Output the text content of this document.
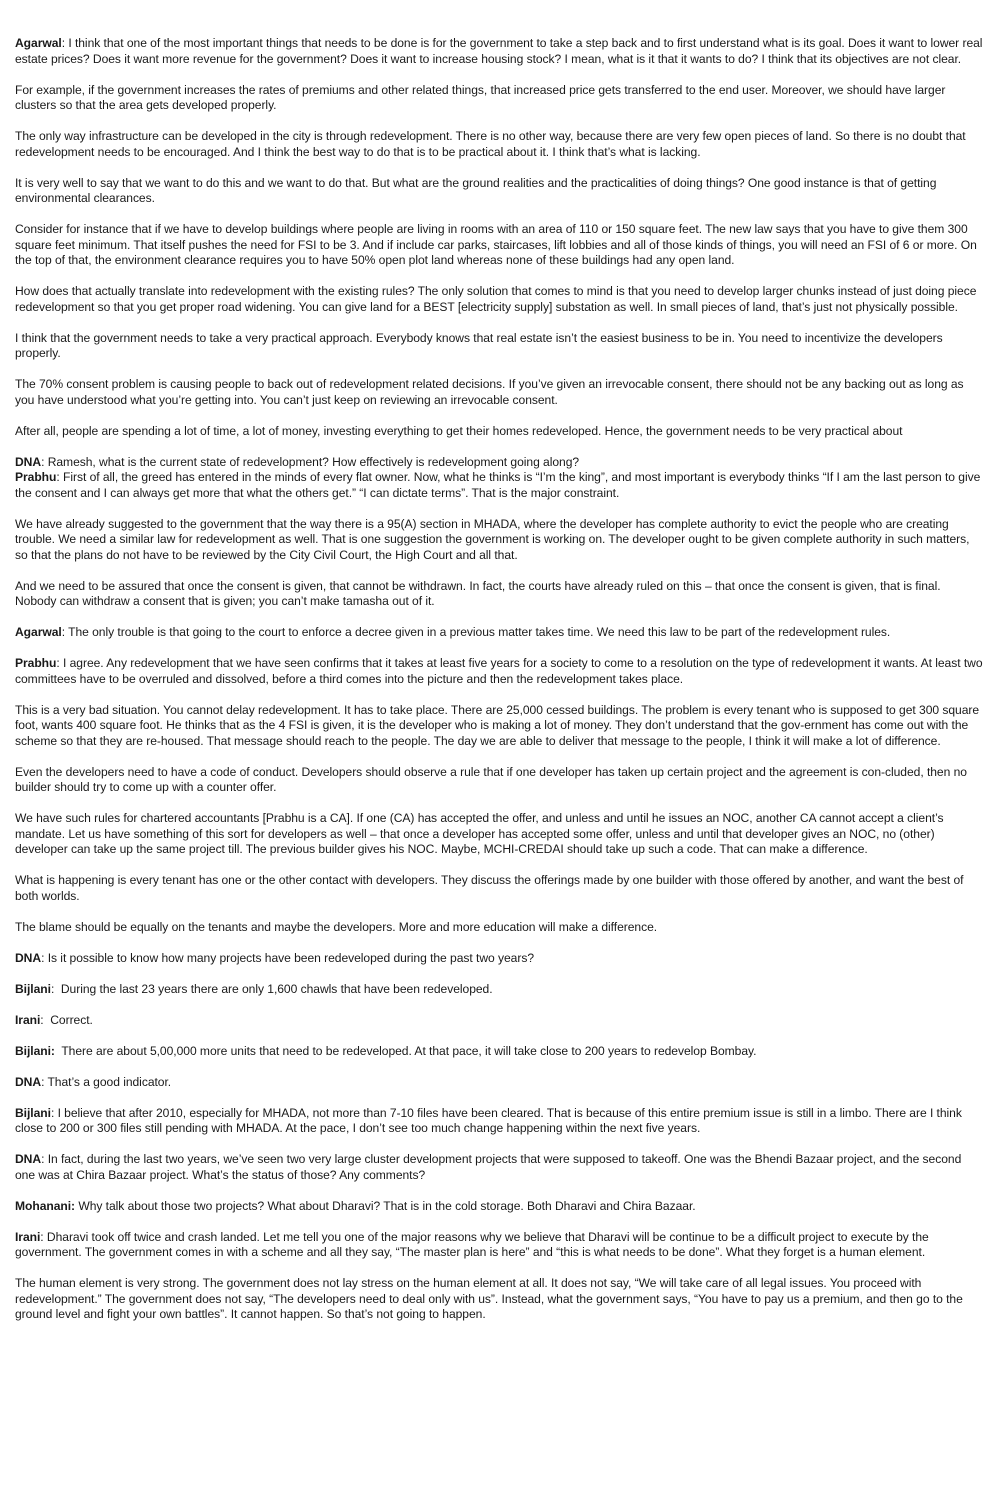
Agarwal: I think that one of the most important things that needs to be done is for the government to take a step back and to first understand what is its goal. Does it want to lower real estate prices? Does it want more revenue for the government? Does it want to increase housing stock? I mean, what is it that it wants to do? I think that its objectives are not clear.

For example, if the government increases the rates of premiums and other related things, that increased price gets transferred to the end user. Moreover, we should have larger clusters so that the area gets developed properly.

The only way infrastructure can be developed in the city is through redevelopment. There is no other way, because there are very few open pieces of land. So there is no doubt that redevelopment needs to be encouraged. And I think the best way to do that is to be practical about it. I think that’s what is lacking.

It is very well to say that we want to do this and we want to do that. But what are the ground realities and the practicalities of doing things? One good instance is that of getting environmental clearances.

Consider for instance that if we have to develop buildings where people are living in rooms with an area of 110 or 150 square feet. The new law says that you have to give them 300 square feet minimum. That itself pushes the need for FSI to be 3. And if include car parks, staircases, lift lobbies and all of those kinds of things, you will need an FSI of 6 or more. On the top of that, the environment clearance requires you to have 50% open plot land whereas none of these buildings had any open land.

How does that actually translate into redevelopment with the existing rules? The only solution that comes to mind is that you need to develop larger chunks instead of just doing piece redevelopment so that you get proper road widening. You can give land for a BEST [electricity supply] substation as well. In small pieces of land, that’s just not physically possible.

I think that the government needs to take a very practical approach. Everybody knows that real estate isn’t the easiest business to be in. You need to incentivize the developers properly.

The 70% consent problem is causing people to back out of redevelopment related decisions. If you’ve given an irrevocable consent, there should not be any backing out as long as you have understood what you’re getting into. You can’t just keep on reviewing an irrevocable consent.

After all, people are spending a lot of time, a lot of money, investing everything to get their homes redeveloped. Hence, the government needs to be very practical about

DNA: Ramesh, what is the current state of redevelopment? How effectively is redevelopment going along?

Prabhu: First of all, the greed has entered in the minds of every flat owner. Now, what he thinks is “I’m the king”, and most important is everybody thinks “If I am the last person to give the consent and I can always get more that what the others get.” “I can dictate terms”. That is the major constraint.

We have already suggested to the government that the way there is a 95(A) section in MHADA, where the developer has complete authority to evict the people who are creating trouble. We need a similar law for redevelopment as well. That is one suggestion the government is working on. The developer ought to be given complete authority in such matters, so that the plans do not have to be reviewed by the City Civil Court, the High Court and all that.

And we need to be assured that once the consent is given, that cannot be withdrawn. In fact, the courts have already ruled on this – that once the consent is given, that is final. Nobody can withdraw a consent that is given; you can’t make tamasha out of it.

Agarwal: The only trouble is that going to the court to enforce a decree given in a previous matter takes time. We need this law to be part of the redevelopment rules.

Prabhu: I agree. Any redevelopment that we have seen confirms that it takes at least five years for a society to come to a resolution on the type of redevelopment it wants. At least two committees have to be overruled and dissolved, before a third comes into the picture and then the redevelopment takes place.

This is a very bad situation. You cannot delay redevelopment. It has to take place. There are 25,000 cessed buildings. The problem is every tenant who is supposed to get 300 square foot, wants 400 square foot. He thinks that as the 4 FSI is given, it is the developer who is making a lot of money. They don’t understand that the gov-ernment has come out with the scheme so that they are re-housed. That message should reach to the people. The day we are able to deliver that message to the people, I think it will make a lot of difference.

Even the developers need to have a code of conduct. Developers should observe a rule that if one developer has taken up certain project and the agreement is con-cluded, then no builder should try to come up with a counter offer.

We have such rules for chartered accountants [Prabhu is a CA]. If one (CA) has accepted the offer, and unless and until he issues an NOC, another CA cannot accept a client’s mandate. Let us have something of this sort for developers as well – that once a developer has accepted some offer, unless and until that developer gives an NOC, no (other) developer can take up the same project till. The previous builder gives his NOC. Maybe, MCHI-CREDAI should take up such a code. That can make a difference.

What is happening is every tenant has one or the other contact with developers. They discuss the offerings made by one builder with those offered by another, and want the best of both worlds.

The blame should be equally on the tenants and maybe the developers. More and more education will make a difference.

DNA: Is it possible to know how many projects have been redeveloped during the past two years?

Bijlani:  During the last 23 years there are only 1,600 chawls that have been redeveloped.

Irani:  Correct.

Bijlani: There are about 5,00,000 more units that need to be redeveloped. At that pace, it will take close to 200 years to redevelop Bombay.

DNA: That’s a good indicator.

Bijlani: I believe that after 2010, especially for MHADA, not more than 7-10 files have been cleared. That is because of this entire premium issue is still in a limbo. There are I think close to 200 or 300 files still pending with MHADA. At the pace, I don’t see too much change happening within the next five years.

DNA: In fact, during the last two years, we’ve seen two very large cluster development projects that were supposed to takeoff. One was the Bhendi Bazaar project, and the second one was at Chira Bazaar project. What’s the status of those? Any comments?

Mohanani: Why talk about those two projects? What about Dharavi? That is in the cold storage. Both Dharavi and Chira Bazaar.

Irani: Dharavi took off twice and crash landed. Let me tell you one of the major reasons why we believe that Dharavi will be continue to be a difficult project to execute by the government. The government comes in with a scheme and all they say, “The master plan is here” and “this is what needs to be done”. What they forget is a human element.

The human element is very strong. The government does not lay stress on the human element at all. It does not say, “We will take care of all legal issues. You proceed with redevelopment.” The government does not say, “The developers need to deal only with us”. Instead, what the government says, “You have to pay us a premium, and then go to the ground level and fight your own battles”. It cannot happen. So that’s not going to happen.
